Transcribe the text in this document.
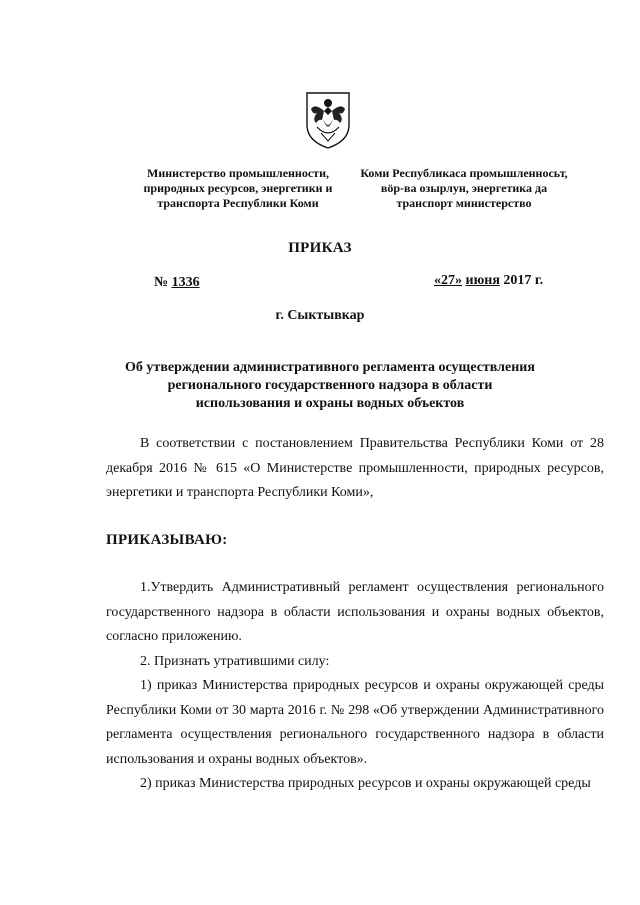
Министерство промышленности,
природных ресурсов, энергетики и
транспорта Республики Коми
Коми Республикаса промышленносьт,
вӧр-ва озырлун, энергетика да
транспорт министерство
ПРИКАЗ
№ 1336	«27» июня 2017 г.
г. Сыктывкар
Об утверждении административного регламента осуществления регионального государственного надзора в области использования и охраны водных объектов
В соответствии с постановлением Правительства Республики Коми от 28 декабря 2016 № 615 «О Министерстве промышленности, природных ресурсов, энергетики и транспорта Республики Коми»,
ПРИКАЗЫВАЮ:

1.Утвердить Административный регламент осуществления регионального государственного надзора в области использования и охраны водных объектов, согласно приложению.

2. Признать утратившими силу:

1) приказ Министерства природных ресурсов и охраны окружающей среды Республики Коми от 30 марта 2016 г. № 298 «Об утверждении Административного регламента осуществления регионального государственного надзора в области использования и охраны водных объектов».

2) приказ Министерства природных ресурсов и охраны окружающей среды
